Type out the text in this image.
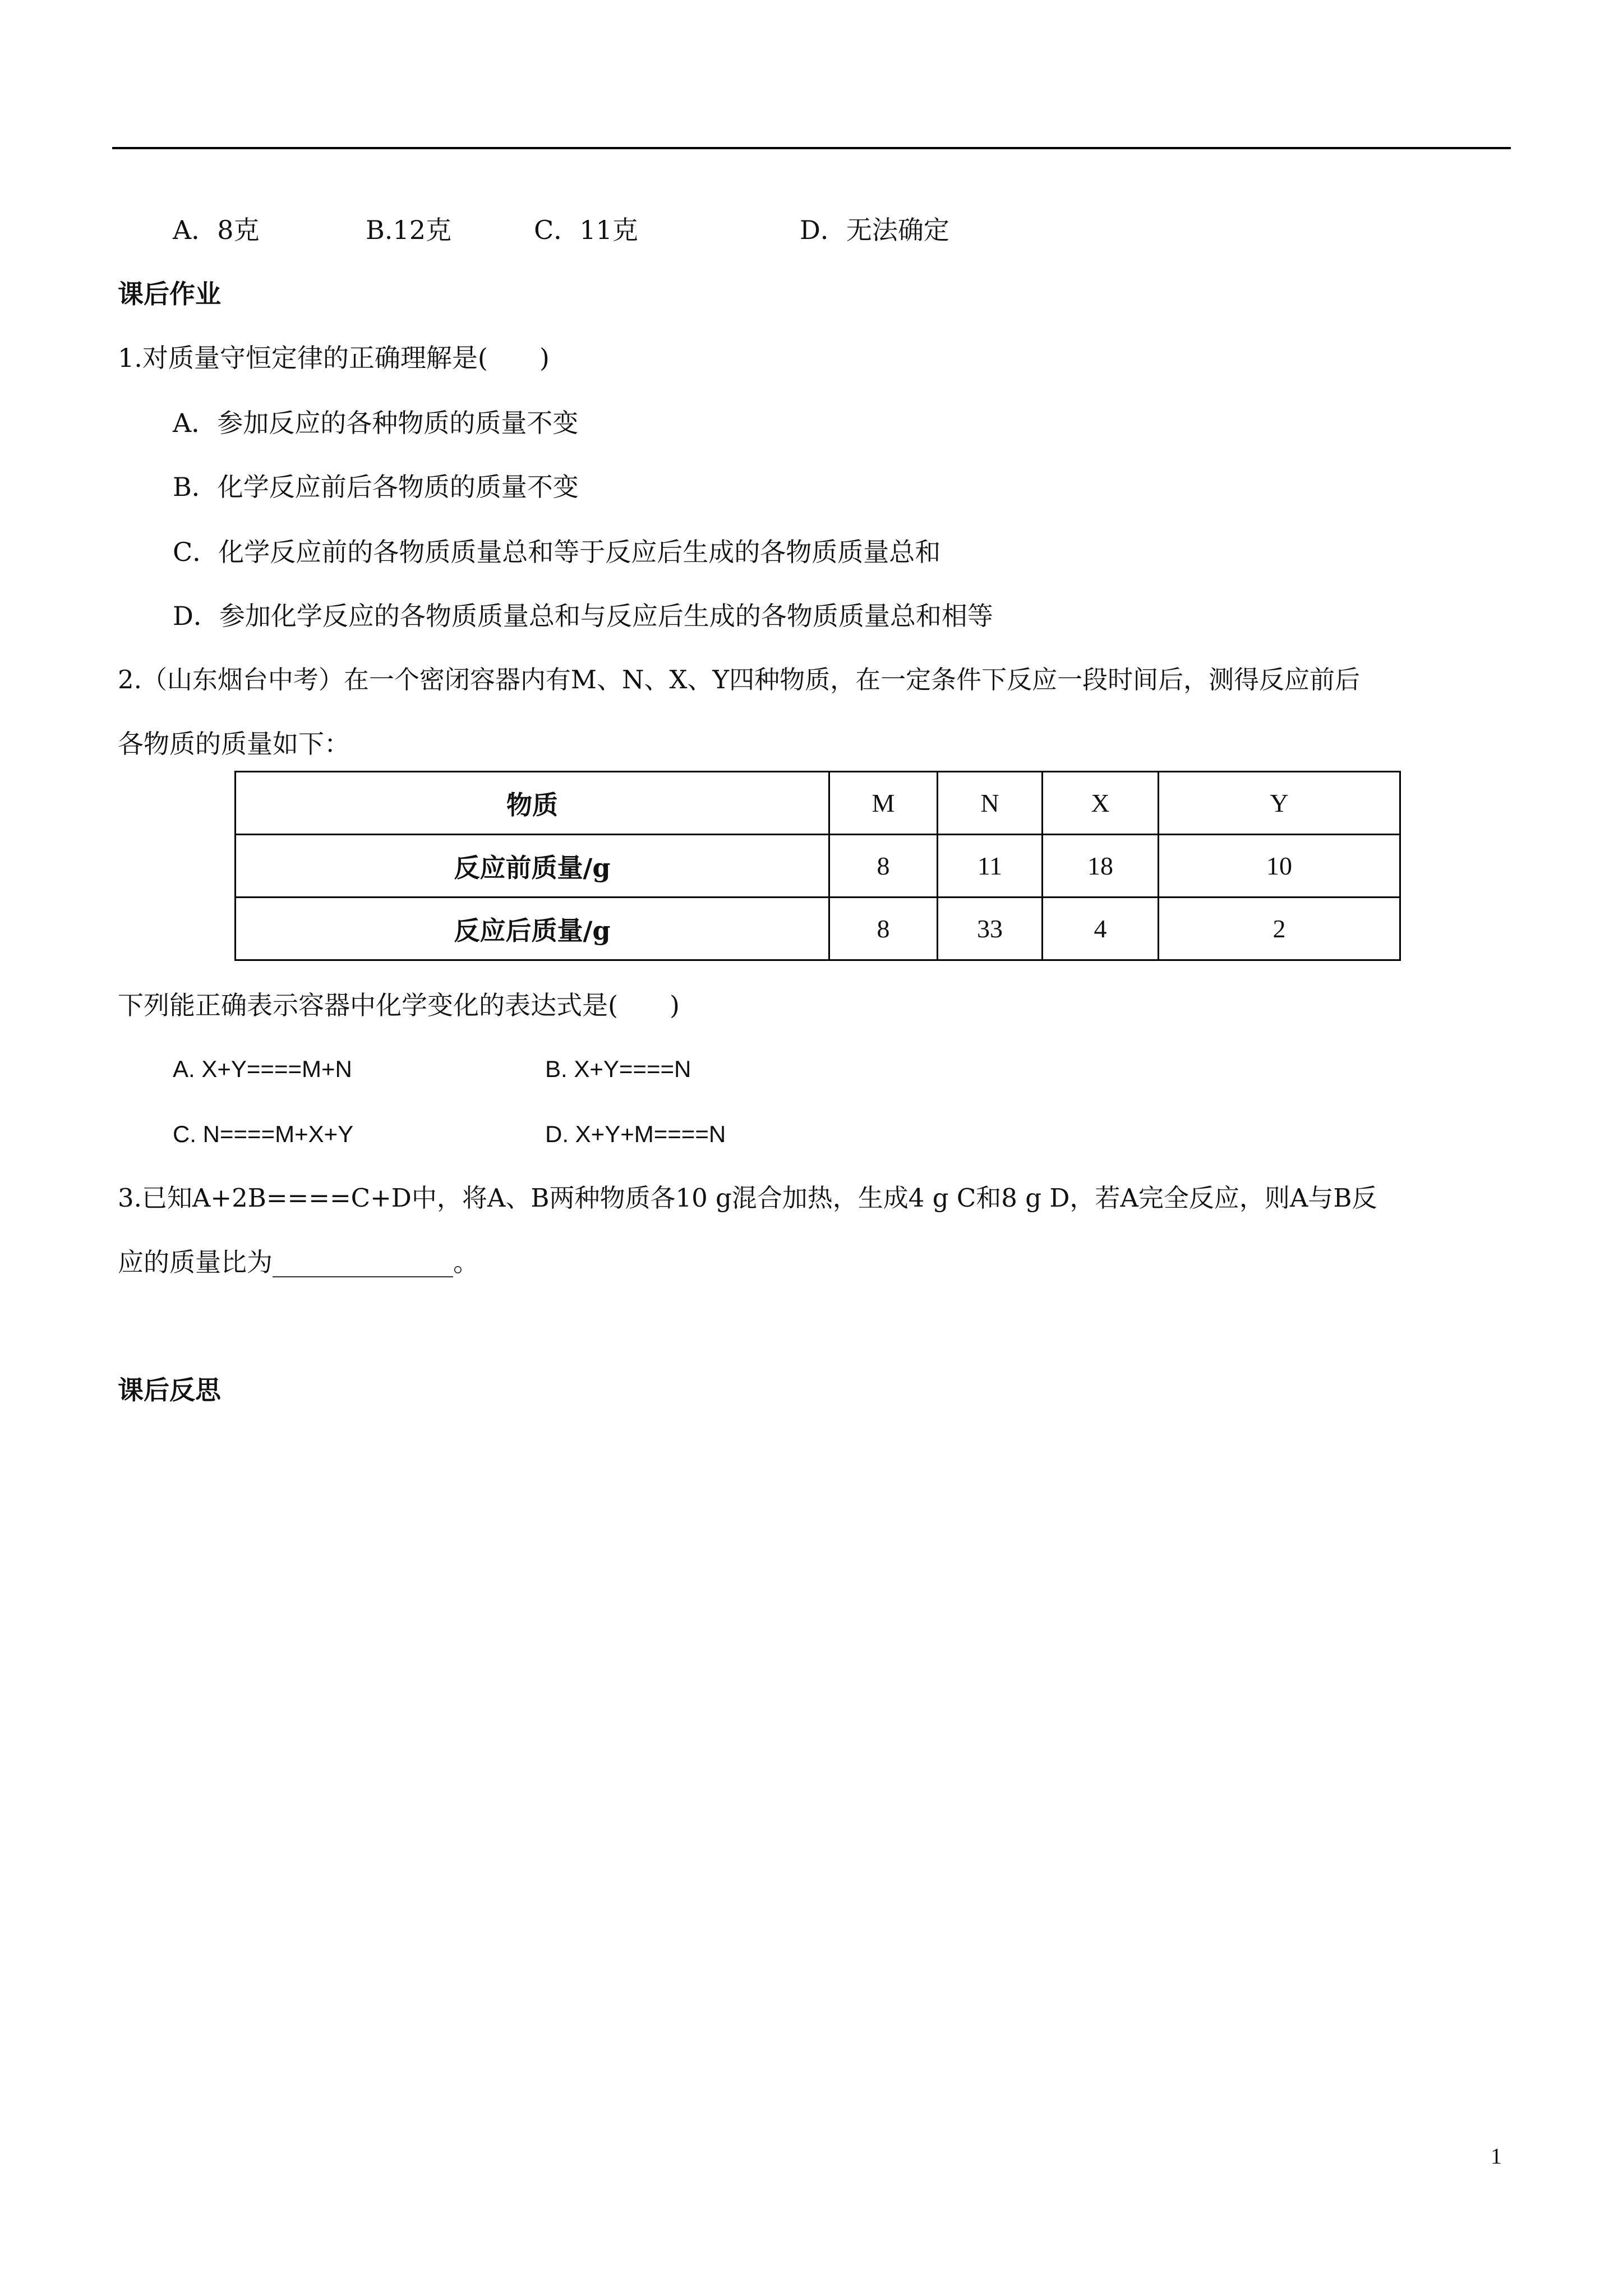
A．8克	B.12克	C．11克	D．无法确定
课后作业
1.对质量守恒定律的正确理解是(　　)
A．参加反应的各种物质的质量不变
B．化学反应前后各物质的质量不变
C．化学反应前的各物质质量总和等于反应后生成的各物质质量总和
D．参加化学反应的各物质质量总和与反应后生成的各物质质量总和相等
2.（山东烟台中考）在一个密闭容器内有M、N、X、Y四种物质，在一定条件下反应一段时间后，测得反应前后
各物质的质量如下：
物质	M	N	X	Y
反应前质量/g	8	11	18	10
反应后质量/g	8	33	4	2
下列能正确表示容器中化学变化的表达式是(　　)
A. X+Y====M+N	B. X+Y====N
C. N====M+X+Y	D. X+Y+M====N
3.已知A+2B====C+D中，将A、B两种物质各10 g混合加热，生成4 g C和8 g D，若A完全反应，则A与B反
应的质量比为______________。
课后反思
1
